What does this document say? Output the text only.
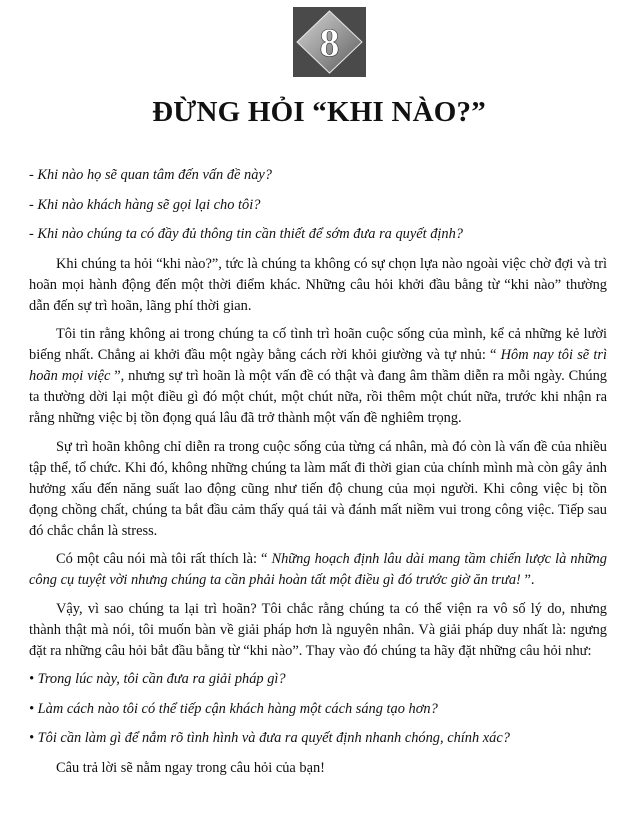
8
ĐỪNG HỎI “KHI NÀO?”

- Khi nào họ sẽ quan tâm đến vấn đề này?

- Khi nào khách hàng sẽ gọi lại cho tôi?

- Khi nào chúng ta có đầy đủ thông tin cần thiết để sớm đưa ra quyết định?

Khi chúng ta hỏi “khi nào?”, tức là chúng ta không có sự chọn lựa nào ngoài việc chờ đợi và trì hoãn mọi hành động đến một thời điểm khác. Những câu hỏi khởi đầu bằng từ “khi nào” thường dẫn đến sự trì hoãn, lãng phí thời gian.

Tôi tin rằng không ai trong chúng ta cố tình trì hoãn cuộc sống của mình, kể cả những kẻ lười biếng nhất. Chẳng ai khởi đầu một ngày bằng cách rời khỏi giường và tự nhủ: “ Hôm nay tôi sẽ trì hoãn mọi việc ”, nhưng sự trì hoãn là một vấn đề có thật và đang âm thầm diễn ra mỗi ngày. Chúng ta thường dời lại một điều gì đó một chút, một chút nữa, rồi thêm một chút nữa, trước khi nhận ra rằng những việc bị tồn đọng quá lâu đã trở thành một vấn đề nghiêm trọng.

Sự trì hoãn không chỉ diễn ra trong cuộc sống của từng cá nhân, mà đó còn là vấn đề của nhiều tập thể, tổ chức. Khi đó, không những chúng ta làm mất đi thời gian của chính mình mà còn gây ảnh hưởng xấu đến năng suất lao động cũng như tiến độ chung của mọi người. Khi công việc bị tồn đọng chồng chất, chúng ta bắt đầu cảm thấy quá tải và đánh mất niềm vui trong công việc. Tiếp sau đó chắc chắn là stress.

Có một câu nói mà tôi rất thích là: “ Những hoạch định lâu dài mang tầm chiến lược là những công cụ tuyệt vời nhưng chúng ta cần phải hoàn tất một điều gì đó trước giờ ăn trưa! ”.

Vậy, vì sao chúng ta lại trì hoãn? Tôi chắc rằng chúng ta có thể viện ra vô số lý do, nhưng thành thật mà nói, tôi muốn bàn về giải pháp hơn là nguyên nhân. Và giải pháp duy nhất là: ngưng đặt ra những câu hỏi bắt đầu bằng từ “khi nào”. Thay vào đó chúng ta hãy đặt những câu hỏi như:

• Trong lúc này, tôi cần đưa ra giải pháp gì?

• Làm cách nào tôi có thể tiếp cận khách hàng một cách sáng tạo hơn?

• Tôi cần làm gì để nắm rõ tình hình và đưa ra quyết định nhanh chóng, chính xác?

Câu trả lời sẽ nằm ngay trong câu hỏi của bạn!
